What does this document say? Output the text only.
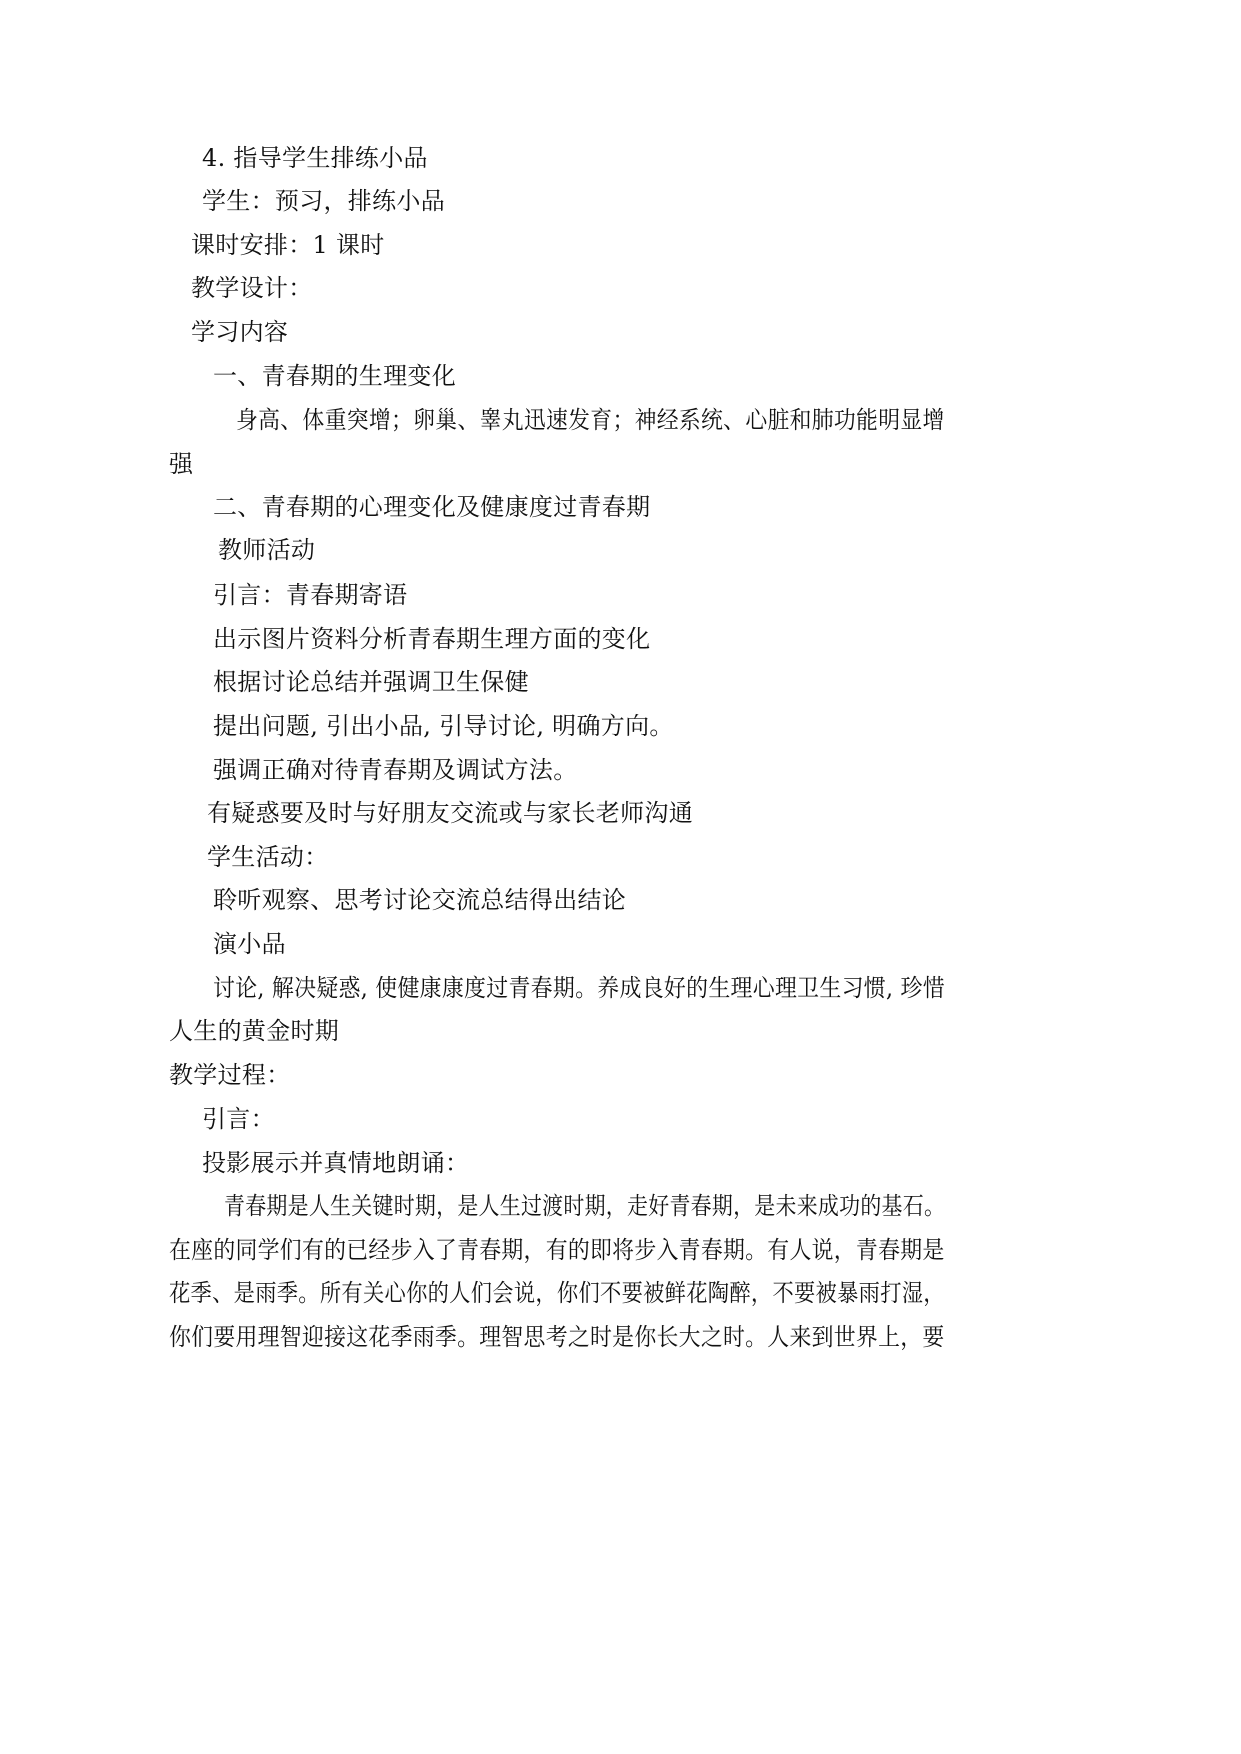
4. 指导学生排练小品
学生：预习，排练小品
课时安排：1 课时
教学设计：
学习内容
一、青春期的生理变化
身高、体重突增；卵巢、睾丸迅速发育；神经系统、心脏和肺功能明显增
强
二、青春期的心理变化及健康度过青春期
教师活动
引言：青春期寄语
出示图片资料分析青春期生理方面的变化
根据讨论总结并强调卫生保健
提出问题, 引出小品, 引导讨论, 明确方向。
强调正确对待青春期及调试方法。
有疑惑要及时与好朋友交流或与家长老师沟通
学生活动：
聆听观察、思考讨论交流总结得出结论
演小品
讨论, 解决疑惑, 使健康康度过青春期。养成良好的生理心理卫生习惯, 珍惜
人生的黄金时期
教学过程：
引言：
投影展示并真情地朗诵：
青春期是人生关键时期，是人生过渡时期，走好青春期，是未来成功的基石。
在座的同学们有的已经步入了青春期，有的即将步入青春期。有人说，青春期是
花季、是雨季。所有关心你的人们会说，你们不要被鲜花陶醉，不要被暴雨打湿，
你们要用理智迎接这花季雨季。理智思考之时是你长大之时。人来到世界上，要
